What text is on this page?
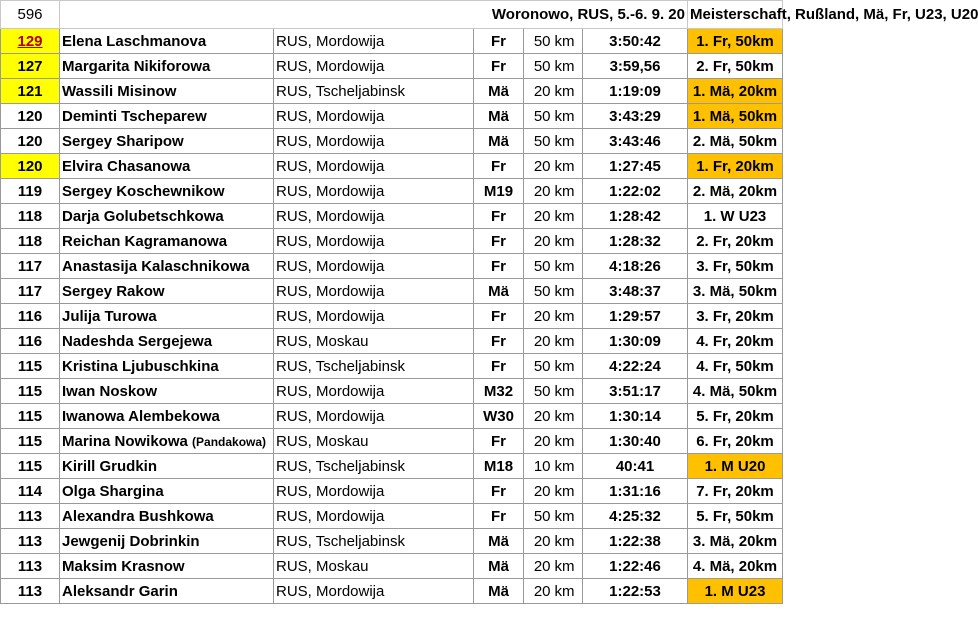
596	Woronowo, RUS, 5.-6. 9. 20						Meisterschaft, Rußland, Mä, Fr, U23, U20
129	Elena Laschmanova	RUS, Mordowija	Fr	50	km	3:50:42	1. Fr, 50km
127	Margarita Nikiforowa	RUS, Mordowija	Fr	50	km	3:59,56	2. Fr, 50km
121	Wassili Misinow	RUS, Tscheljabinsk	Mä	20	km	1:19:09	1. Mä, 20km
120	Deminti Tscheparew	RUS, Mordowija	Mä	50	km	3:43:29	1. Mä, 50km
120	Sergey Sharipow	RUS, Mordowija	Mä	50	km	3:43:46	2. Mä, 50km
120	Elvira Chasanowa	RUS, Mordowija	Fr	20	km	1:27:45	1. Fr, 20km
119	Sergey Koschewnikow	RUS, Mordowija	M19	20	km	1:22:02	2. Mä, 20km
118	Darja Golubetschkowa	RUS, Mordowija	Fr	20	km	1:28:42	1. W U23
118	Reichan Kagramanowa	RUS, Mordowija	Fr	20	km	1:28:32	2. Fr, 20km
117	Anastasija Kalaschnikowa	RUS, Mordowija	Fr	50	km	4:18:26	3. Fr, 50km
117	Sergey Rakow	RUS, Mordowija	Mä	50	km	3:48:37	3. Mä, 50km
116	Julija Turowa	RUS, Mordowija	Fr	20	km	1:29:57	3. Fr, 20km
116	Nadeshda Sergejewa	RUS, Moskau	Fr	20	km	1:30:09	4. Fr, 20km
115	Kristina Ljubuschkina	RUS, Tscheljabinsk	Fr	50	km	4:22:24	4. Fr, 50km
115	Iwan Noskow	RUS, Mordowija	M32	50	km	3:51:17	4. Mä, 50km
115	Iwanowa Alembekowa	RUS, Mordowija	W30	20	km	1:30:14	5. Fr, 20km
115	Marina Nowikowa (Pandakowa)	RUS, Moskau	Fr	20	km	1:30:40	6. Fr, 20km
115	Kirill Grudkin	RUS, Tscheljabinsk	M18	10	km	40:41	1. M U20
114	Olga Shargina	RUS, Mordowija	Fr	20	km	1:31:16	7. Fr, 20km
113	Alexandra Bushkowa	RUS, Mordowija	Fr	50	km	4:25:32	5. Fr, 50km
113	Jewgenij Dobrinkin	RUS, Tscheljabinsk	Mä	20	km	1:22:38	3. Mä, 20km
113	Maksim Krasnow	RUS, Moskau	Mä	20	km	1:22:46	4. Mä, 20km
113	Aleksandr Garin	RUS, Mordowija	Mä	20	km	1:22:53	1. M U23
